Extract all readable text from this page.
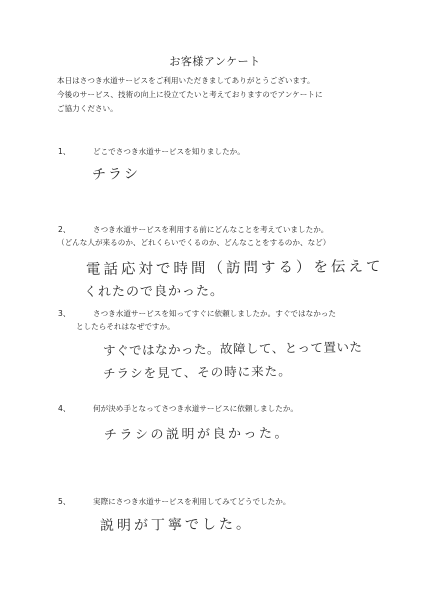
お客様アンケート
本日はさつき水道サービスをご利用いただきましてありがとうございます。
今後のサービス、技術の向上に役立てたいと考えておりますのでアンケートに
ご協力ください。
1、	どこでさつき水道サービスを知りましたか。
チラシ
2、	さつき水道サービスを利用する前にどんなことを考えていましたか。
（どんな人が来るのか、どれくらいでくるのか、どんなことをするのか、など）
電話応対で時間（訪問する）を伝えて
くれたので良かった。
3、	さつき水道サービスを知ってすぐに依頼しましたか。すぐではなかった
としたらそれはなぜですか。
すぐではなかった。故障して、とって置いた
チラシを見て、その時に来た。
4、	何が決め手となってさつき水道サービスに依頼しましたか。
チラシの説明が良かった。
5、	実際にさつき水道サービスを利用してみてどうでしたか。
説明が丁寧でした。
